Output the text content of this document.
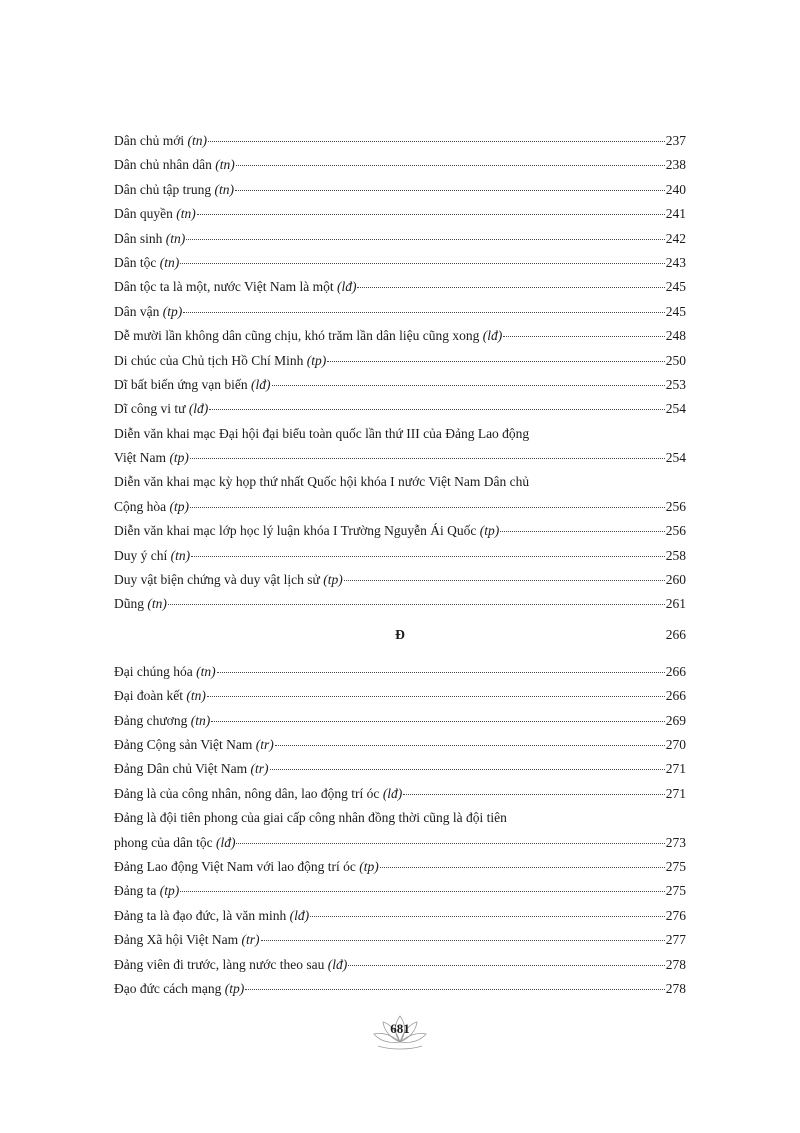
Dân chủ mới (tn)	237
Dân chủ nhân dân (tn)	238
Dân chủ tập trung (tn)	240
Dân quyền (tn)	241
Dân sinh (tn)	242
Dân tộc (tn)	243
Dân tộc ta là một, nước Việt Nam là một (lđ)	245
Dân vận (tp)	245
Dễ mười lần không dân cũng chịu, khó trăm lần dân liệu cũng xong (lđ)	248
Di chúc của Chủ tịch Hồ Chí Minh (tp)	250
Dĩ bất biến ứng vạn biến (lđ)	253
Dĩ công vi tư (lđ)	254
Diễn văn khai mạc Đại hội đại biểu toàn quốc lần thứ III của Đảng Lao động
Việt Nam (tp)	254
Diễn văn khai mạc kỳ họp thứ nhất Quốc hội khóa I nước Việt Nam Dân chủ
Cộng hòa (tp)	256
Diễn văn khai mạc lớp học lý luận khóa I Trường Nguyễn Ái Quốc (tp)	256
Duy ý chí (tn)	258
Duy vật biện chứng và duy vật lịch sử (tp)	260
Dũng (tn)	261
Đ	266
Đại chúng hóa (tn)	266
Đại đoàn kết (tn)	266
Đảng chương (tn)	269
Đảng Cộng sản Việt Nam (tr)	270
Đảng Dân chủ Việt Nam (tr)	271
Đảng là của công nhân, nông dân, lao động trí óc (lđ)	271
Đảng là đội tiên phong của giai cấp công nhân đồng thời cũng là đội tiên
phong của dân tộc (lđ)	273
Đảng Lao động Việt Nam với lao động trí óc (tp)	275
Đảng ta (tp)	275
Đảng ta là đạo đức, là văn minh (lđ)	276
Đảng Xã hội Việt Nam (tr)	277
Đảng viên đi trước, làng nước theo sau (lđ)	278
Đạo đức cách mạng (tp)	278
681
